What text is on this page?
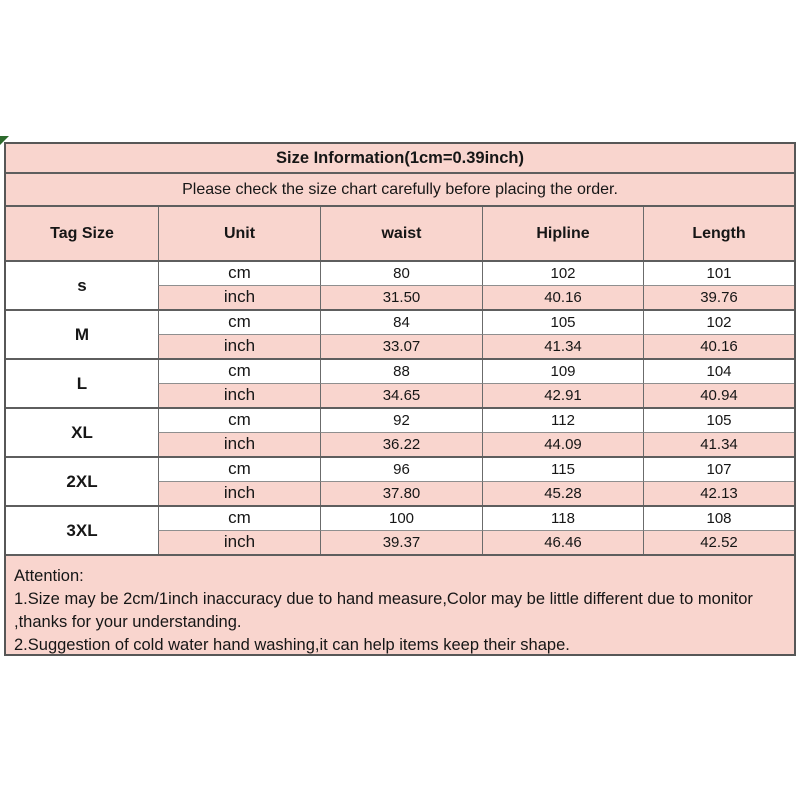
Size Information(1cm=0.39inch)
Please check the size chart carefully before placing the order.
Tag Size	Unit	waist	Hipline	Length
s
cm	80	102	101
inch	31.50	40.16	39.76
M
cm	84	105	102
inch	33.07	41.34	40.16
L
cm	88	109	104
inch	34.65	42.91	40.94
XL
cm	92	112	105
inch	36.22	44.09	41.34
2XL
cm	96	115	107
inch	37.80	45.28	42.13
3XL
cm	100	118	108
inch	39.37	46.46	42.52
Attention:
1.Size may be 2cm/1inch inaccuracy due to hand measure,Color may be little different due to monitor
,thanks for your understanding.
2.Suggestion of cold water hand washing,it can help items keep their shape.
